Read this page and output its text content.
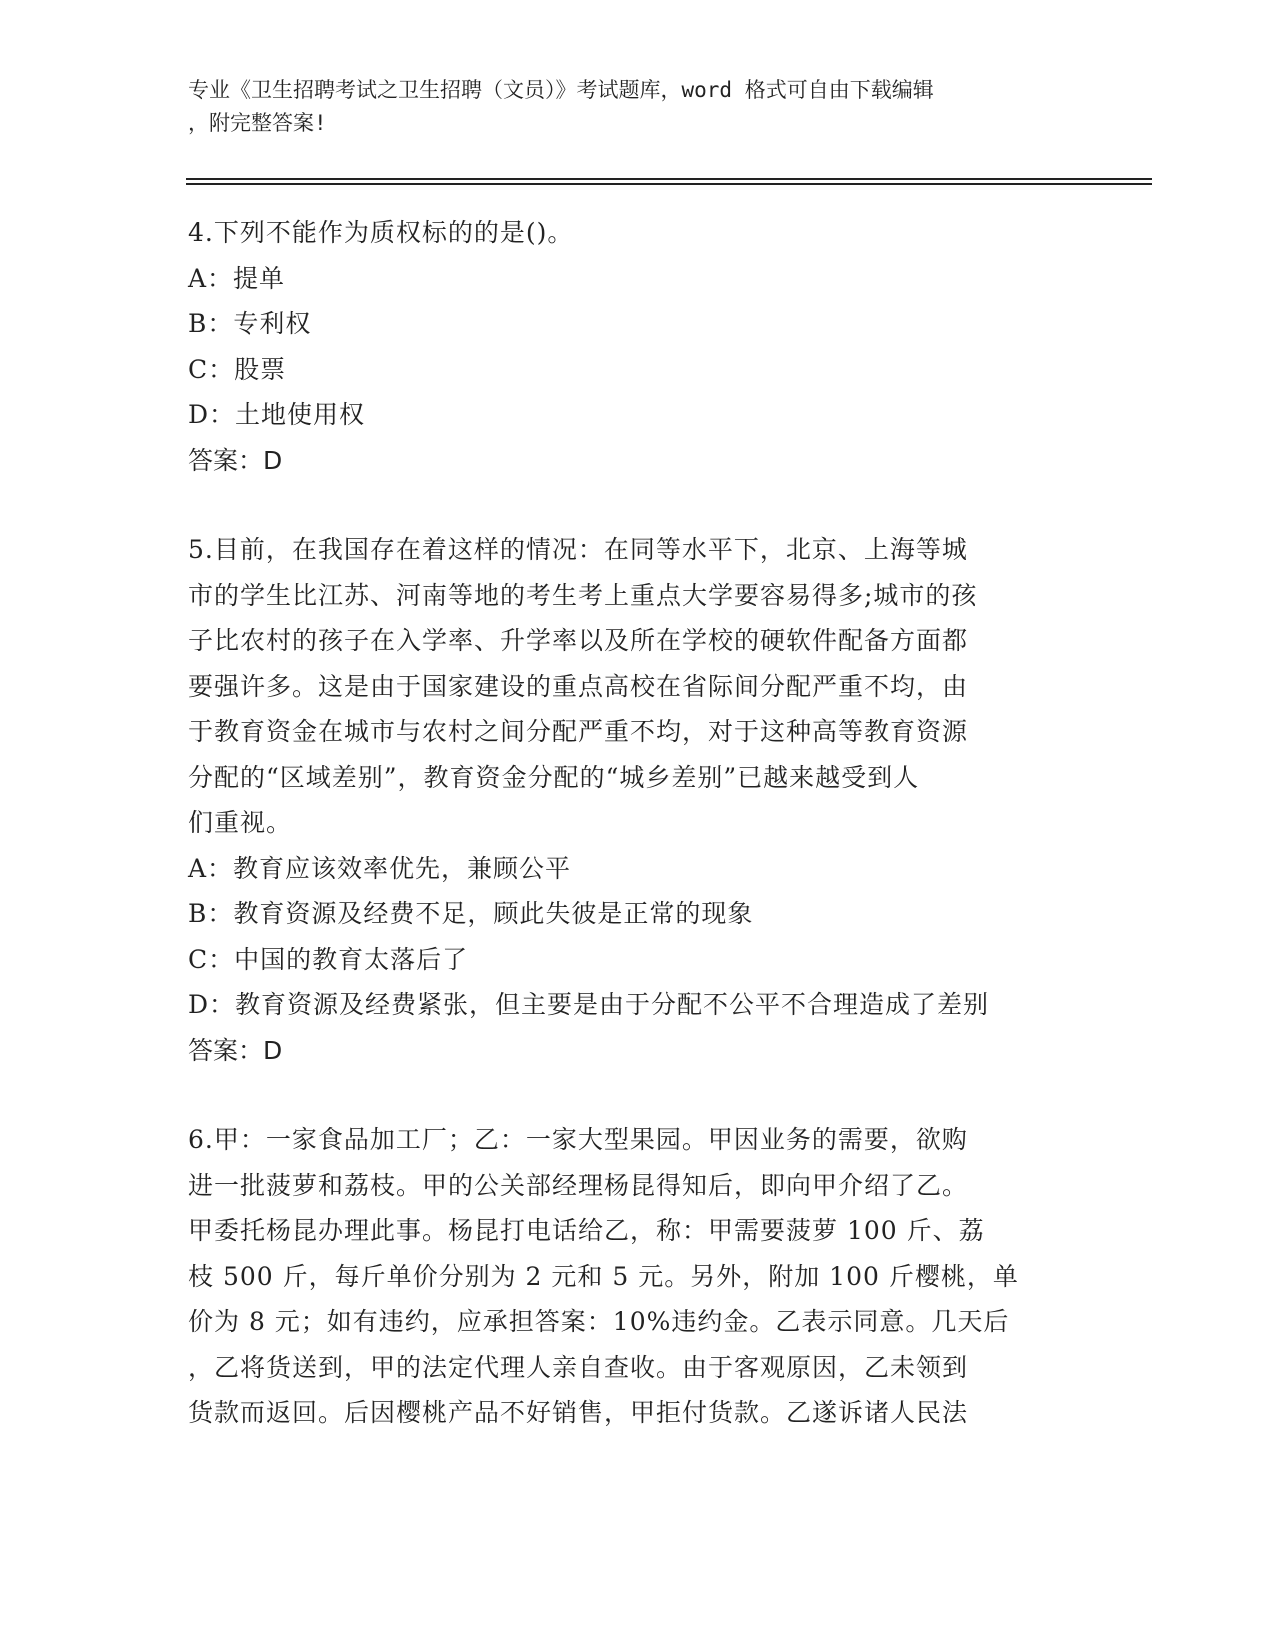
专业《卫生招聘考试之卫生招聘（文员）》考试题库，word 格式可自由下载编辑

，附完整答案!

4.下列不能作为质权标的的是()。

A：提单

B：专利权

C：股票

D：土地使用权

答案：D

5.目前，在我国存在着这样的情况：在同等水平下，北京、上海等城

市的学生比江苏、河南等地的考生考上重点大学要容易得多;城市的孩

子比农村的孩子在入学率、升学率以及所在学校的硬软件配备方面都

要强许多。这是由于国家建设的重点高校在省际间分配严重不均，由

于教育资金在城市与农村之间分配严重不均，对于这种高等教育资源

分配的“区域差别”，教育资金分配的“城乡差别”已越来越受到人

们重视。

A：教育应该效率优先，兼顾公平

B：教育资源及经费不足，顾此失彼是正常的现象

C：中国的教育太落后了

D：教育资源及经费紧张，但主要是由于分配不公平不合理造成了差别

答案：D

6.甲：一家食品加工厂；乙：一家大型果园。甲因业务的需要，欲购

进一批菠萝和荔枝。甲的公关部经理杨昆得知后，即向甲介绍了乙。

甲委托杨昆办理此事。杨昆打电话给乙，称：甲需要菠萝 100 斤、荔

枝 500 斤，每斤单价分别为 2 元和 5 元。另外，附加 100 斤樱桃，单

价为 8 元；如有违约，应承担答案：10%违约金。乙表示同意。几天后

，乙将货送到，甲的法定代理人亲自查收。由于客观原因，乙未领到

货款而返回。后因樱桃产品不好销售，甲拒付货款。乙遂诉诸人民法
